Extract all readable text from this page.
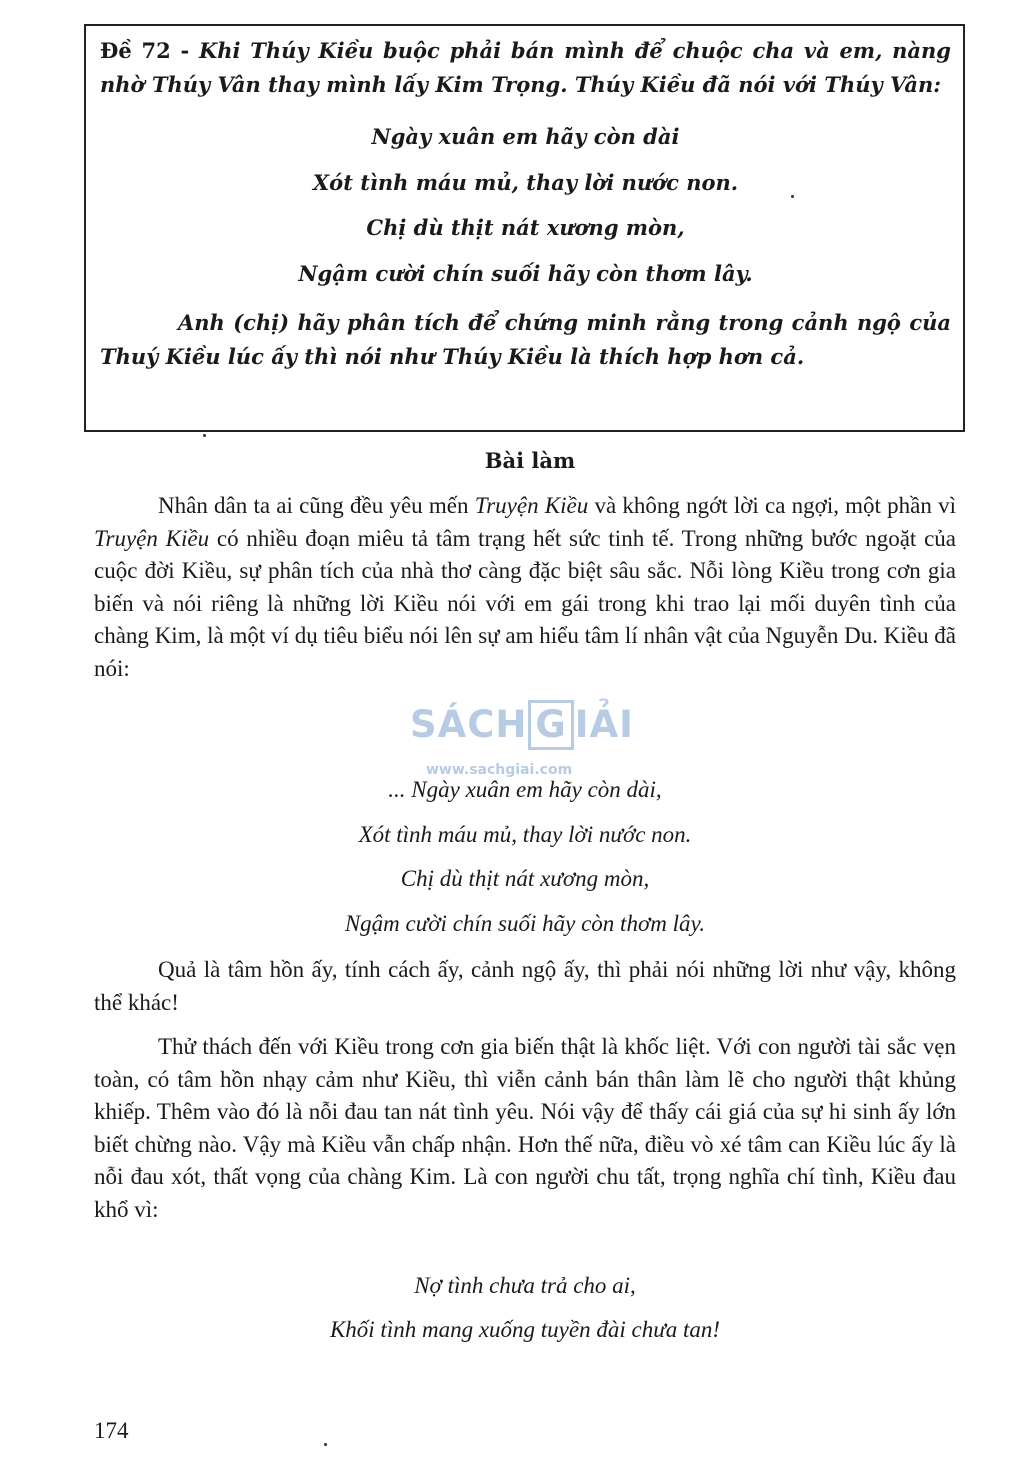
Đề 72 - Khi Thúy Kiều buộc phải bán mình để chuộc cha và em, nàng nhờ Thúy Vân thay mình lấy Kim Trọng. Thúy Kiều đã nói với Thúy Vân:

Ngày xuân em hãy còn dài
Xót tình máu mủ, thay lời nước non.
Chị dù thịt nát xương mòn,
Ngậm cười chín suối hãy còn thơm lây.

Anh (chị) hãy phân tích để chứng minh rằng trong cảnh ngộ của Thuý Kiều lúc ấy thì nói như Thúy Kiều là thích hợp hơn cả.

Bài làm

Nhân dân ta ai cũng đều yêu mến Truyện Kiều và không ngớt lời ca ngợi, một phần vì Truyện Kiều có nhiều đoạn miêu tả tâm trạng hết sức tinh tế. Trong những bước ngoặt của cuộc đời Kiều, sự phân tích của nhà thơ càng đặc biệt sâu sắc. Nỗi lòng Kiều trong cơn gia biến và nói riêng là những lời Kiều nói với em gái trong khi trao lại mối duyên tình của chàng Kim, là một ví dụ tiêu biểu nói lên sự am hiểu tâm lí nhân vật của Nguyễn Du. Kiều đã nói:

SÁCH G IẢI
www.sachgiai.com
... Ngày xuân em hãy còn dài,
Xót tình máu mủ, thay lời nước non.
Chị dù thịt nát xương mòn,
Ngậm cười chín suối hãy còn thơm lây.

Quả là tâm hồn ấy, tính cách ấy, cảnh ngộ ấy, thì phải nói những lời như vậy, không thể khác!

Thử thách đến với Kiều trong cơn gia biến thật là khốc liệt. Với con người tài sắc vẹn toàn, có tâm hồn nhạy cảm như Kiều, thì viễn cảnh bán thân làm lẽ cho người thật khủng khiếp. Thêm vào đó là nỗi đau tan nát tình yêu. Nói vậy để thấy cái giá của sự hi sinh ấy lớn biết chừng nào. Vậy mà Kiều vẫn chấp nhận. Hơn thế nữa, điều vò xé tâm can Kiều lúc ấy là nỗi đau xót, thất vọng của chàng Kim. Là con người chu tất, trọng nghĩa chí tình, Kiều đau khổ vì:

Nợ tình chưa trả cho ai,
Khối tình mang xuống tuyền đài chưa tan!
174
